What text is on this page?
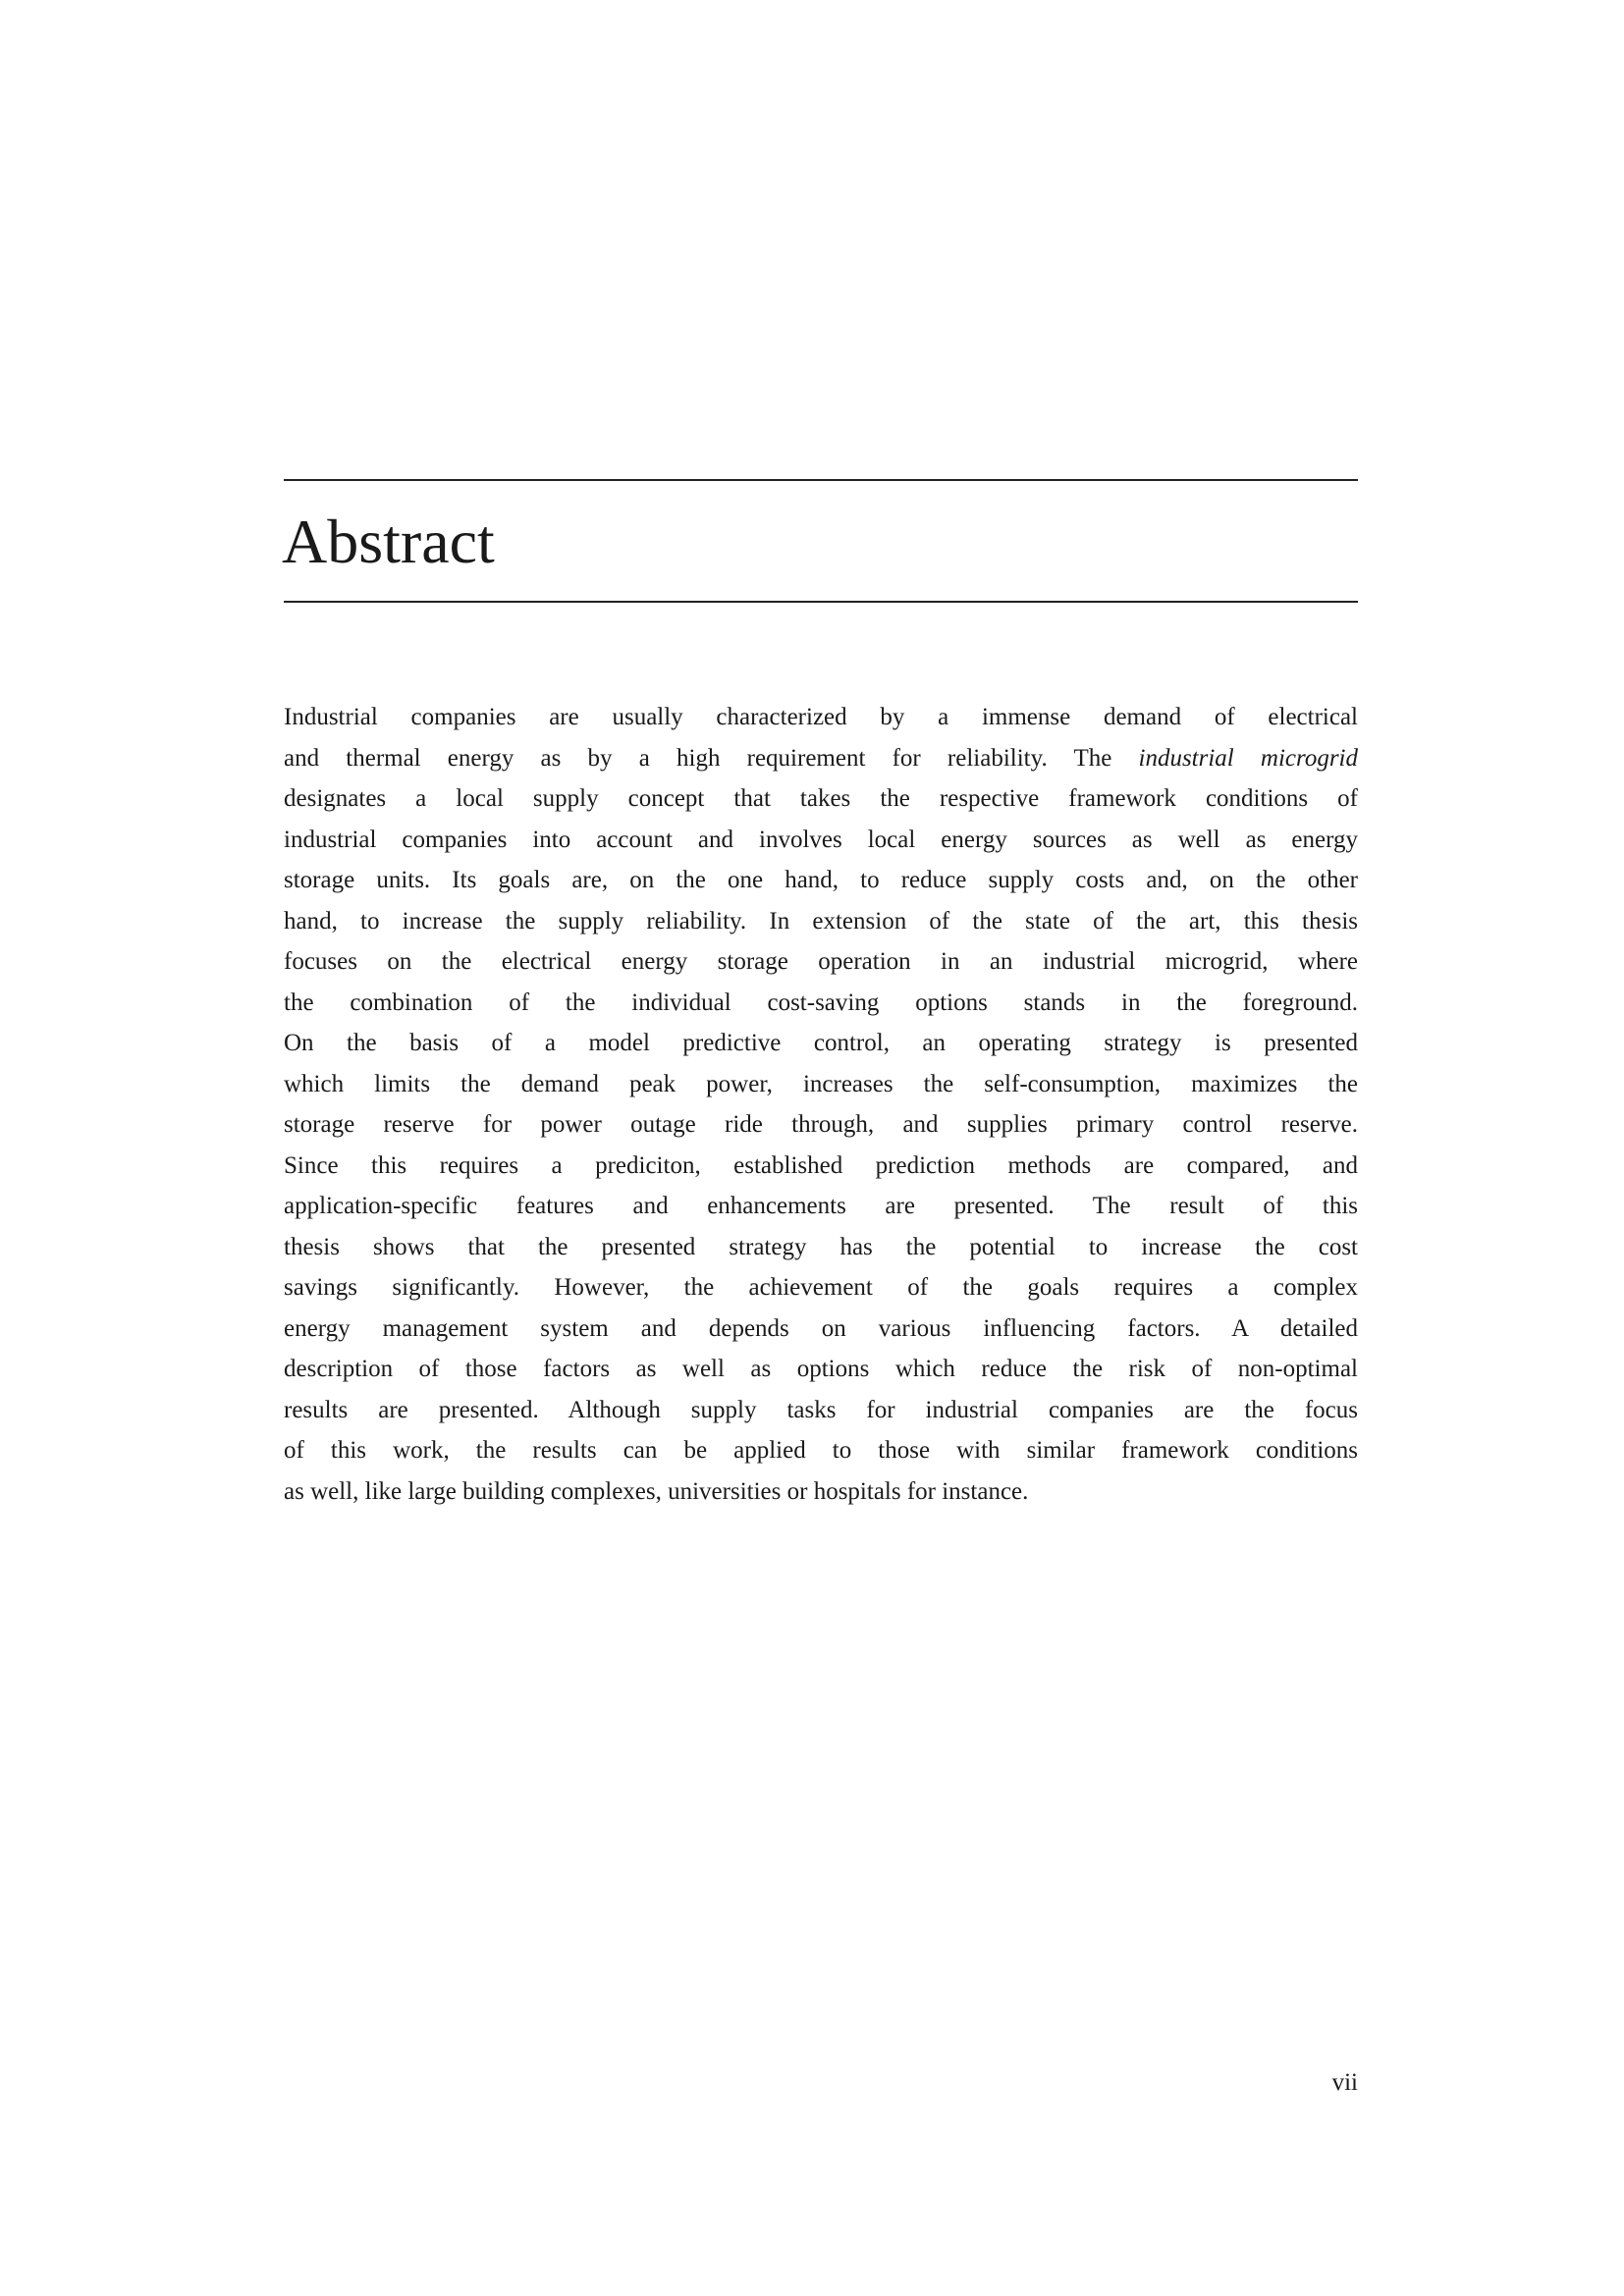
Abstract
Industrial companies are usually characterized by a immense demand of electrical
and thermal energy as by a high requirement for reliability. The industrial microgrid
designates a local supply concept that takes the respective framework conditions of
industrial companies into account and involves local energy sources as well as energy
storage units. Its goals are, on the one hand, to reduce supply costs and, on the other
hand, to increase the supply reliability. In extension of the state of the art, this thesis
focuses on the electrical energy storage operation in an industrial microgrid, where
the combination of the individual cost-saving options stands in the foreground.
On the basis of a model predictive control, an operating strategy is presented
which limits the demand peak power, increases the self-consumption, maximizes the
storage reserve for power outage ride through, and supplies primary control reserve.
Since this requires a prediciton, established prediction methods are compared, and
application-specific features and enhancements are presented. The result of this
thesis shows that the presented strategy has the potential to increase the cost
savings significantly. However, the achievement of the goals requires a complex
energy management system and depends on various influencing factors. A detailed
description of those factors as well as options which reduce the risk of non-optimal
results are presented. Although supply tasks for industrial companies are the focus
of this work, the results can be applied to those with similar framework conditions
as well, like large building complexes, universities or hospitals for instance.
vii
